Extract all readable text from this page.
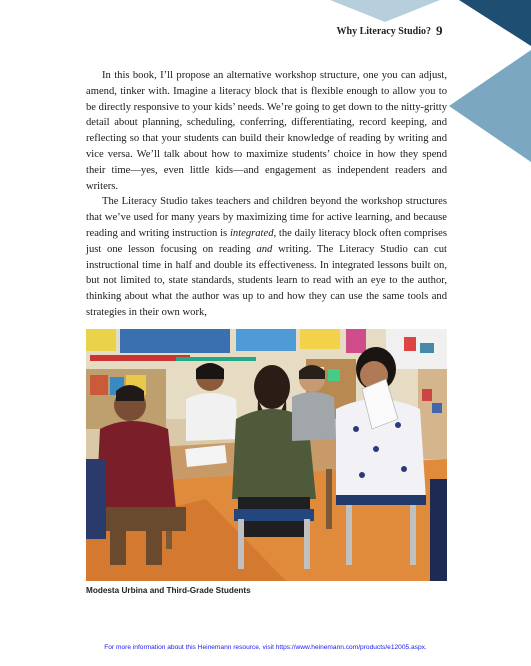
Why Literacy Studio? 9

In this book, I’ll propose an alternative workshop structure, one you can adjust, amend, tinker with. Imagine a literacy block that is flexible enough to allow you to be directly responsive to your kids’ needs. We’re going to get down to the nitty-gritty detail about planning, scheduling, conferring, differentiating, record keeping, and reflecting so that your students can build their knowledge of reading by writing and vice versa. We’ll talk about how to maximize students’ choice in how they spend their time—yes, even little kids—and engagement as independent readers and writers.

The Literacy Studio takes teachers and children beyond the workshop structures that we’ve used for many years by maximizing time for active learning, and because reading and writing instruction is integrated, the daily literacy block often comprises just one lesson focusing on reading and writing. The Literacy Studio can cut instructional time in half and double its effectiveness. In integrated lessons built on, but not limited to, state standards, students learn to read with an eye to the author, thinking about what the author was up to and how they can use the same tools and strategies in their own work,

Modesta Urbina and Third-Grade Students
For more information about this Heinemann resource, visit https://www.heinemann.com/products/e12005.aspx.
